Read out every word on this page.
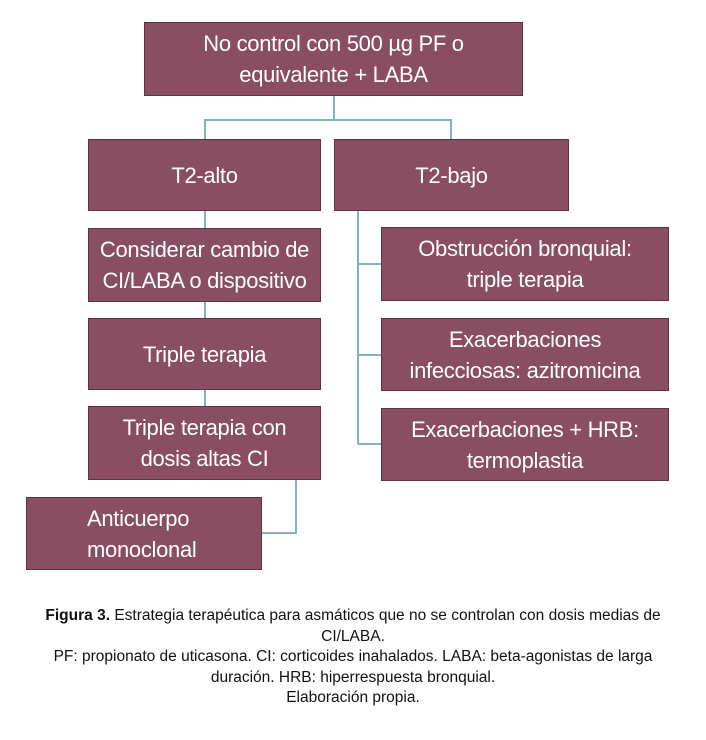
No control con 500 µg PF o
equivalente + LABA
T2-alto	T2-bajo
Considerar cambio de
CI/LABA o dispositivo
Triple terapia
Triple terapia con
dosis altas CI
Anticuerpo
monoclonal
Obstrucción bronquial:
triple terapia
Exacerbaciones
infecciosas: azitromicina
Exacerbaciones + HRB:
termoplastia

Figura 3. Estrategia terapéutica para asmáticos que no se controlan con dosis medias de CI/LABA.

PF: propionato de uticasona. CI: corticoides inahalados. LABA: beta-agonistas de larga duración. HRB: hiperrespuesta bronquial.

Elaboración propia.
